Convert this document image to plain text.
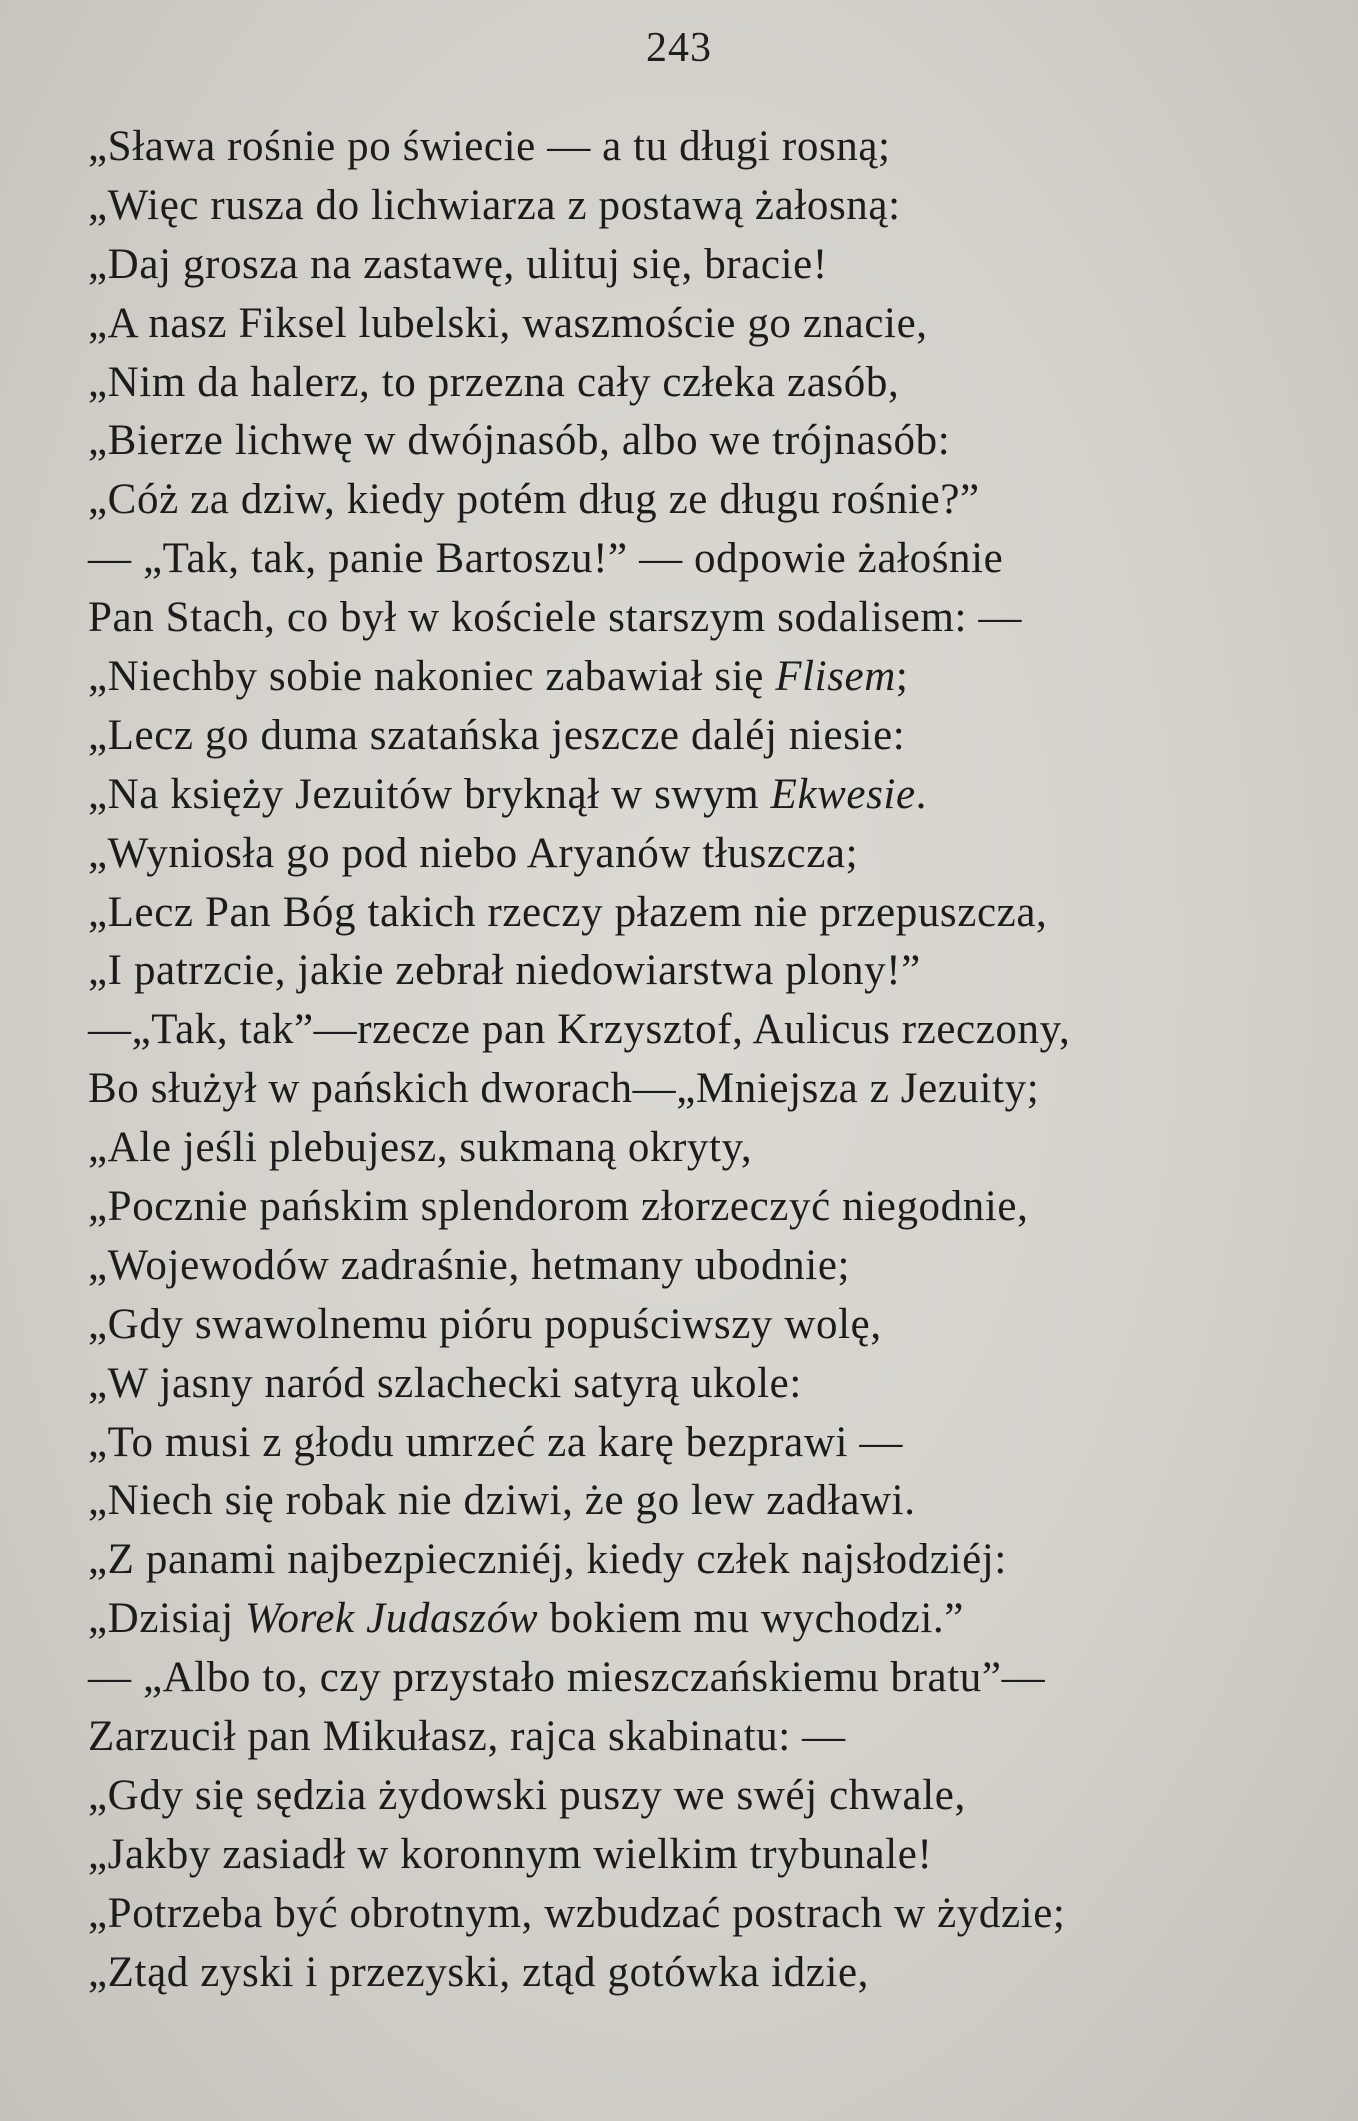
243
„Sława rośnie po świecie — a tu długi rosną;
„Więc rusza do lichwiarza z postawą żałosną:
„Daj grosza na zastawę, ulituj się, bracie!
„A nasz Fiksel lubelski, waszmoście go znacie,
„Nim da halerz, to przezna cały człeka zasób,
„Bierze lichwę w dwójnasób, albo we trójnasób:
„Cóż za dziw, kiedy potém dług ze długu rośnie?”
— „Tak, tak, panie Bartoszu!” — odpowie żałośnie
Pan Stach, co był w kościele starszym sodalisem: —
„Niechby sobie nakoniec zabawiał się Flisem;
„Lecz go duma szatańska jeszcze daléj niesie:
„Na księży Jezuitów bryknął w swym Ekwesie.
„Wyniosła go pod niebo Aryanów tłuszcza;
„Lecz Pan Bóg takich rzeczy płazem nie przepuszcza,
„I patrzcie, jakie zebrał niedowiarstwa plony!”
—„Tak, tak”—rzecze pan Krzysztof, Aulicus rzeczony,
Bo służył w pańskich dworach—„Mniejsza z Jezuity;
„Ale jeśli plebujesz, sukmaną okryty,
„Pocznie pańskim splendorom złorzeczyć niegodnie,
„Wojewodów zadraśnie, hetmany ubodnie;
„Gdy swawolnemu pióru popuściwszy wolę,
„W jasny naród szlachecki satyrą ukole:
„To musi z głodu umrzeć za karę bezprawi —
„Niech się robak nie dziwi, że go lew zadławi.
„Z panami najbezpieczniéj, kiedy człek najsłodziéj:
„Dzisiaj Worek Judaszów bokiem mu wychodzi.”
— „Albo to, czy przystało mieszczańskiemu bratu”—
Zarzucił pan Mikułasz, rajca skabinatu: —
„Gdy się sędzia żydowski puszy we swéj chwale,
„Jakby zasiadł w koronnym wielkim trybunale!
„Potrzeba być obrotnym, wzbudzać postrach w żydzie;
„Ztąd zyski i przezyski, ztąd gotówka idzie,
